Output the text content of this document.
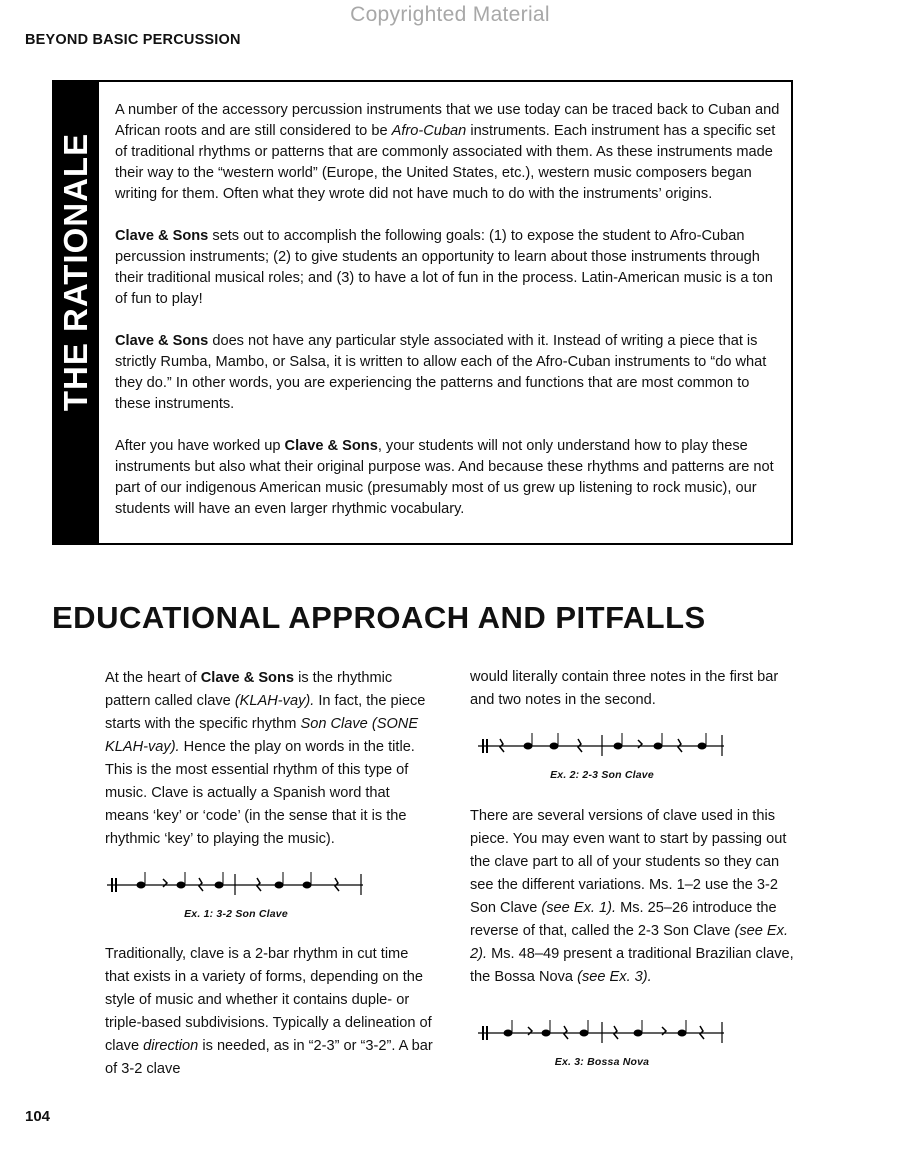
Copyrighted Material
BEYOND BASIC PERCUSSION
THE RATIONALE

A number of the accessory percussion instruments that we use today can be traced back to Cuban and African roots and are still considered to be Afro-Cuban instruments. Each instrument has a specific set of traditional rhythms or patterns that are commonly associated with them. As these instruments made their way to the “western world” (Europe, the United States, etc.), western music composers began writing for them. Often what they wrote did not have much to do with the instruments’ origins.

Clave & Sons sets out to accomplish the following goals: (1) to expose the student to Afro-Cuban percussion instruments; (2) to give students an opportunity to learn about those instruments through their traditional musical roles; and (3) to have a lot of fun in the process. Latin-American music is a ton of fun to play!

Clave & Sons does not have any particular style associated with it. Instead of writing a piece that is strictly Rumba, Mambo, or Salsa, it is written to allow each of the Afro-Cuban instruments to “do what they do.” In other words, you are experiencing the patterns and functions that are most common to these instruments.

After you have worked up Clave & Sons, your students will not only understand how to play these instruments but also what their original purpose was. And because these rhythms and patterns are not part of our indigenous American music (presumably most of us grew up listening to rock music), our students will have an even larger rhythmic vocabulary.

EDUCATIONAL APPROACH AND PITFALLS

At the heart of Clave & Sons is the rhythmic pattern called clave (KLAH-vay). In fact, the piece starts with the specific rhythm Son Clave (SONE KLAH-vay). Hence the play on words in the title. This is the most essential rhythm of this type of music. Clave is actually a Spanish word that means ‘key’ or ‘code’ (in the sense that it is the rhythmic ‘key’ to playing the music).

Ex. 1: 3-2 Son Clave

Traditionally, clave is a 2-bar rhythm in cut time that exists in a variety of forms, depending on the style of music and whether it contains duple- or triple-based subdivisions. Typically a delineation of clave direction is needed, as in “2-3” or “3-2”. A bar of 3-2 clave

would literally contain three notes in the first bar and two notes in the second.

Ex. 2: 2-3 Son Clave

There are several versions of clave used in this piece. You may even want to start by passing out the clave part to all of your students so they can see the different variations. Ms. 1–2 use the 3-2 Son Clave (see Ex. 1). Ms. 25–26 introduce the reverse of that, called the 2-3 Son Clave (see Ex. 2). Ms. 48–49 present a traditional Brazilian clave, the Bossa Nova (see Ex. 3).

Ex. 3: Bossa Nova
104
